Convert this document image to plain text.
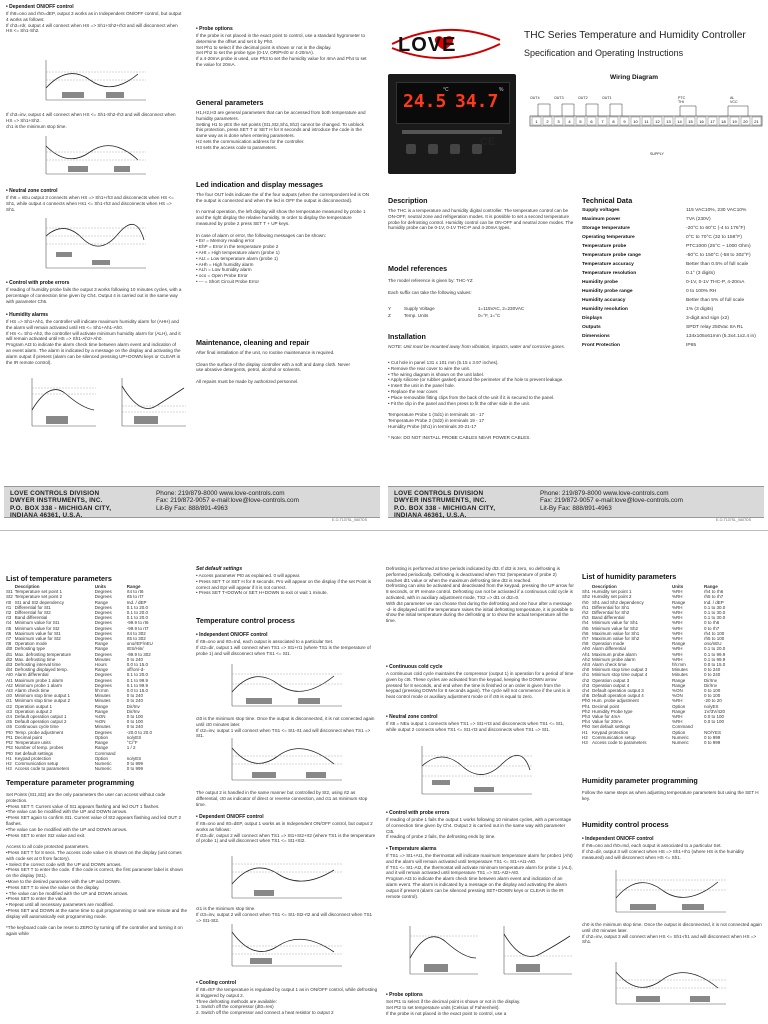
• Dependent ON/OFF control
If rh8=ono and rh0=dEP, output 3 works as in Independent ON/OFF control, but output 4 works as follows:
If ch3=rdr, output 4 will connect when HS => Sh1+Sh2+rh3 and will disconnect when HS <= Sh1-Sh2.
If ch3=inv, output 4 will connect when HS <= Sh1-Sh2-rh3 and will disconnect when HS => Sh1+Sh2.
ch1 is the minimum stop time.
• Neutral zone control
If rh8 = nEu output 3 connects when HS => Sh1+rh3 and disconnects when HS <= Sh1, while output 4 connects when Hs1 <= Sh1-rh3 and disconnects when HS => Sh1.
• Control with probe errors
If reading of humidity probe fails the output 3 works following 10 minutes cycles, with a percentage of connection time given by Ch4. Output 4 is carried out in the same way with parameter Ch5.
• Humidity alarms
If HS => Sh1+Ah1, the controller will indicate maximum humidity alarm for (AHH) and the alarm will remain activated until HS <= Sh1+Ah1-Ah0.
If HS <= Sh1-Ah2, the controller will activate minimum humidity alarm for (ALH), and it will remain activated until HS => Sh1-Ah2+Ah0.
Program At3 to indicate the alarm check time between alarm event and indication of an event alarm. The alarm is indicated by a message on the display and activating the alarm output if present (alarm can be silenced pressing UP+DOWN keys or CLEAR in the IR remote control).
• Probe options
If the probe is not placed in the exact point to control, use a standard hygrometer to determine the offset and set it by Ph0.
Set Ph1 to select if the decimal point is shown or not in the display.
Set Ph2 to set the probe type (0-1V, OR/PH/0 or 4-20mA).
If a 4-20mA probe is used, use Ph3 to set the humidity value for 4mA and Ph4 to set the value for 20mA.
General parameters
H1,H2,H3 are general parameters that can be accessed from both temperature and humidity parameters.
Setting H1 to yES the set points (St1,St2,Sh1,Sh2) cannot be changed. To unblock this protection, press SET T or SET H for 8 seconds and introduce the code in the same way as is done when entering parameters.
H2 sets the communication address for the controller.
H3 sets the access code to parameters.
Led indication and display messages
The four OUT leds indicate the of the four outputs (when the correspondent led is ON the output is connected and when the led is OFF the output is disconnected).

In normal operation, the left display will show the temperature measured by probe 1 and the right display the relative humidity. In order to display the temperature measured by probe 2 press SET T + UP keys.

In case of alarm or error, the following messages can be shown:
• Err = Memory reading error
• EhP = Error in the temperature probe 2
• AHt = High temperature alarm (probe 1)
• ALt = Low temperature alarm (probe 1)
• AHh = High humidity alarm
• ALh = Low humidity alarm
• oco = Open Probe Error
• --- = Short Circuit Probe Error
Maintenance, cleaning and repair
After final installation of the unit, no routine maintenance is required.

Clean the surface of the display controller with a soft and damp cloth. Never
use abrasive detergents, petrol, alcohol or solvents.

All repairs must be made by authorized personnel.
LOVE	THC Series Temperature and Humidity Controller
Specification and Operating Instructions
24.5 34.7
°C	%
CE
Wiring Diagram
1 2 3 4 5 6 7 8 9 10 11 12 13 14 15 16 17 18 19 20 21
OUT4	OUT3	OUT2	OUT1	PTC THI
AL VCC
SUPPLY
Description
The THC is a temperature and humidity digital controller. The temperature control can be ON-OFF, neutral zone and refrigeration modes. It is possible to set a second temperature probe for defrosting control. Humidity control can be ON-OFF and neutral zone modes. The humidity probe can be 0-1V, 0-1V THC-P and 4-20mA types.
Model references
The model reference is given by: THC-YZ

Each suffix can take the following values:
Y	Supply Voltage	1=115VAC, 2=230VAC
Z	Temp. Units	0=°F, 1=°C
Installation
NOTE: Unit must be mounted away from vibration, impacts, water and corrosive gases.
• Cut hole in panel 131 x 101 mm (5.15 x 3.97 inches).
• Remove the rear cover to wire the unit.
• The wiring diagram is shown on the unit label.
• Apply silicone (or rubber gasket) around the perimeter of the hole to prevent leakage.
• Insert the unit in the panel hole.
• Replace the rear cover.
• Place removable fitting clips from the back of the unit if it is secured to the panel.
• Fit the clip in the panel and then press to fit the other side in the unit.

Temperature Probe 1 (Sd1) in terminals 16 - 17
Temperature Probe 2 (Sd2) in terminals 19 - 17
Humidity Probe (Sh1) in terminals 20-21-17

* Note: DO NOT INSTALL PROBE CABLES NEAR POWER CABLES.
Technical Data
Supply voltages	115 VAC10%, 230 VAC10%
Maximum power	7VA (230V)
Storage temperature	-20°C to 60°C (-4 to 176°F)
Operating temperature	0°C to 70°C (32 to 158°F)
Temperature probe	PTC1000 (25°C ~ 1000 Ohm)
Temperature probe range	-50°C to 150°C (-58 to 302°F)
Temperature accuracy	Better than 0.5% of full scale
Temperature resolution	0.1° (3 digits)
Humidity probe	0-1V, 0-1V THC-P, 4-20mA
Humidity probe range	0 to 100% RH
Humidity accuracy	Better than 5% of full scale
Humidity resolution	1% (3 digits)
Displays	3-digit and sign (x2)
Outputs	SPDT relay 250Vac 8A RL
Dimensions	134x105x61mm (5.3x4.1x2.4 in)
Front Protection	IP65
LOVE CONTROLS DIVISION
DWYER INSTRUMENTS, INC.
P.O. BOX 338 - MICHIGAN CITY,
INDIANA 46361, U.S.A.
Phone: 219/879-8000 www.love-controls.com
Fax: 219/872-9057 e-mail:love@love-controls.com
Lit-By Fax: 888/891-4963
LOVE CONTROLS DIVISION
DWYER INSTRUMENTS, INC.
P.O. BOX 338 - MICHIGAN CITY,
INDIANA 46361, U.S.A.
Phone: 219/879-8000 www.love-controls.com
Fax: 219/872-9057 e-mail:love@love-controls.com
Lit-By Fax: 888/891-4963
E-O-T107SL_0607DS	E-O-T107SL_0607DS
List of temperature parameters
	Description	Units	Range
St1	Temperature set point 1	Degrees	rt4 to rt6
St2	Temperature set point 2	Degrees	rt5 to rt7
rt0	St1 and St2 dependency	Range	Ind. / dEP
rt1	Differential for St1	Degrees	0.1 to 20.0
rt2	Differential for St2	Degrees	0.1 to 20.0
rt3	Band differential	Degrees	0.1 to 20.0
rt4	Minimum value for St1	Degrees	-99.9 to rt6
rt5	Minimum value for St2	Degrees	-99.9 to rt7
rt6	Maximum value for St1	Degrees	rt4 to 302
rt7	Maximum value for St2	Degrees	rt5 to 302
rt8	Operation mode	Range	ono/rEF/nEU
dt0	Defrosting type	Range	rES/Hin/
dt1	Max. defrosting temperature	Degrees	-99.9 to 302
dt2	Max. defrosting time	Minutes	0 to 240
dt3	Defrosting interval time	Hours	0.0 to 15.0
dt4	Defrosting displayed temp.	Range	off/on/-d-
At0	Alarm differential	Degrees	0.1 to 20.0
At1	Maximum probe 1 alarm	Degrees	0.1 to 99.9
At2	Minimum probe 1 alarm	Degrees	0.1 to 99.9
At3	Alarm check time	hh:mm	0.0 to 15.0
ct0	Minimum stop time output 1	Minutes	0 to 240
ct1	Minimum stop time output 2	Minutes	0 to 240
ct2	Operation output 1	Range	Dir/Inv
ct3	Operation output 2	Range	Dir/Inv
ct4	Default operation output 1	%ON	0 to 100
ct5	Default operation output 2	%ON	0 to 100
ct6	Continuous cycle time	Minutes	0 to 240
Pt0	Temp. probe adjustment	Degrees	-20.0 to 20.0
Pt1	Decimal point	Option	no/yES
Pt2	Temperature units	Range	°C/°F
Pt3	Number of temp. probes	Range	1 / 2
Pt0	Set default settings	Command	
H1	Keypad protection	Option	no/yES
H2	Communication setup	Numeric	0 to 999
H3	Access code to parameters	Numeric	0 to 999
Temperature parameter programming
Set Points (St1,St2) are the only parameters the user can access without code protection.
•Press SET T. Current value of St1 appears flashing and led OUT 1 flashes.
•The value can be modified with the UP and DOWN arrows.
•Press SET again to confirm St1. Current value of St2 appears flashing and led OUT 2 flashes.
•The value can be modified with the UP and DOWN arrows.
•Press SET to enter St2 value and exit.

Access to all code protected parameters.
•Press SET T for 8 secs. The access code value 0 is shown on the display (unit comes with code set at 0 from factory).
• Select the correct code with the UP and DOWN arrows.
•Press SET T to enter the code. If the code is correct, the first parameter label is shown on the display (St1).
•Move to the desired parameter with the UP and DOWN.
•Press SET T to view the value on the display.
• The value can be modified with the UP and DOWN arrows.
•Press SET to enter the value.
• Repeat until all necessary parameters are modified.
•Press SET and DOWN at the same time to quit programming or wait one minute and the display will automatically exit programming mode.

*The keyboard code can be reset to ZERO by turning off the controller and turning it on again while
Set default settings
• Access parameter Pt0 as explained. 0 will appear.
• Press SET T or SET H for 8 seconds. Pro will appear on the display if the set Point is correct and Epr will appear if it is not correct.
• Press SET T+DOWN or SET H+DOWN to exit or wait 1 minute.
Temperature control process
• Independent ON/OFF control
If rt8=ono and rt0=Ind, each output is associated to a particular Set.
If ct2=dir, output 1 will connect when TS1 => St1+rt1 (where TS1 is the temperature of probe 1) and will disconnect when TS1 <= St1.
ct0 is the minimum stop time. Once the output is disconnected, it is not connected again until ct0 minutes later.
If ct2=inv, output 1 will connect when TS1 <= St1-rt1 and will disconnect when TS1 => St1.
The output 2 is handled in the same manner but controlled by St2, using rt2 as differential, ct0 as indicator of direct or reverse connection, and ct1 as minimum stop time.
• Dependent ON/OFF control
If rt8=ono and rt0=dEP, output 1 works as in Independent ON/OFF control, but output 2 works as follows:
If ct3=dir, output 2 will connect when TS1 => St1+St2+rt2 (where TS1 is the temperature of probe 1) and will disconnect when TS1 <= St1+St2.
ct1 is the minimum stop time.
If ct3=inv, output 2 will connect when TS1 <= St1-St2-rt2 and will disconnect when TS1 => St1-St2.
• Cooling control
If rt8=rEF the temperature is regulated by output 1 as in ON/OFF control, while defrosting is triggered by output 2.
Three defrosting methods are available:
1. Switch off the compressor (dt0=res)
2. Switch off the compressor and connect a heat resistor to output 2
Defrosting is performed at time periods indicated by dt3. If dt3 is zero, no defrosting is performed periodically. Defrosting is deactivated when TS2 (temperature of probe 2) reaches dt1 value or when the maximum defrosting time dt2 is reached.
Defrosting can also be activated and deactivated from the keypad, pressing the UP arrow for 8 seconds, or IR remote control. Defrosting can not be activated if a continuous cold cycle is activated, with in auxiliary adjustment mode, TS2 => dt1 or dt2=0.
With dt4 parameter we can choose that during the defrosting and one hour after a message -d- is displayed until the temperature raises the initial defrosting temperature, it is possible to show the initial temperature during the defrosting or to show the actual temperature all the time.
• Continuous cold cycle
A continuous cold cycle maintains the compressor (output 1) in operation for a period of time given by ct6. These cycles are activated from the keypad, keeping the DOWN arrow pressed for 8 seconds, and end when the time is finished or an order is given from the keypad (pressing DOWN for 8 seconds again). The cycle will not commence if the unit is in heat control mode or auxiliary adjustment mode or if ct6 is equal to zero.
• Neutral zone control
If rt8 = NEu output 1 connects when TS1 => St1+rt3 and disconnects when TS1 <= St1, while output 2 connects when TS1 <= St1-rt3 and disconnects when TS1 => St1.
• Control with probe errors
If reading of probe 1 fails the output 1 works following 10 minutes cycles, with a percentage of connection time given by Ch4. Output 2 is carried out in the same way with parameter Ct5.
If reading of probe 2 fails, the defrosting ends by time.
• Temperature alarms
If TS1 => St1+At1, the thermostat will indicate maximum temperature alarm for probe1 (Aht) and the alarm will remain activated until temperature TS1 <= St1+At1-At0.
If TS1 <= St1-At2, the thermostat will activate minimum temperature alarm for probe 1 (ALt), and it will remain activated until temperature TS1 => St1-At2+At0.
Program At3 to indicate the alarm check time between alarm event and indication of an alarm event. The alarm is indicated by a message on the display and activating the alarm output if present (alarm can be silenced pressing SET+DOWN keys or CLEAR in the IR remote control).
• Probe options
Set Pt1 to select if the decimal point is shown or not in the display.
Set Pt2 to set temperature units (Celsius of Fahrenheit).
If the probe is not placed in the exact point to control, use a
List of humidity parameters
	Description	Units	Range
Sh1	Humidity set point 1	%RH	rh4 to rh6
Sh2	Humidity set point 2	%RH	rh5 to rh7
rh0	Sh1 and Sh2 dependency	Range	Ind. / dEP
rh1	Differential for Sh1	%RH	0.1 to 30.0
rh2	Differential for Sh2	%RH	0.1 to 30.0
rh3	Band differential	%RH	0.1 to 30.0
rh4	Minimum value for Sh1	%RH	0 to rh6
rh5	Minimum value for Sh2	%RH	0 to rh7
rh6	Maximum value for Sh1	%RH	rh4 to 100
rh7	Maximum value for Sh2	%RH	rh5 to 100
rh8	Operation mode	Range	ono/nEU
Ah0	Alarm differential	%RH	0.1 to 20.0
Ah1	Maximum probe alarm	%RH	0.1 to 99.9
Ah2	Minimum probe alarm	%RH	0.1 to 99.9
Ah3	Alarm check time	hh:mm	0.0 to 15.0
ch0	Minimum stop time output 3	Minutes	0 to 240
ch1	Minimum stop time output 4	Minutes	0 to 240
ch2	Operation output 3	Range	Dir/Inv
ch3	Operation output 4	Range	Dir/Inv
ch4	Default operation output 3	%ON	0 to 100
ch5	Default operation output 4	%ON	0 to 100
Ph0	Hum. probe adjustment	%RH	-20 to 20
Ph1	Decimal point	Option	no/yES
Ph2	Humidity Probe type	Range	1V/3V/420
Ph3	Value for 4mA	%RH	0.0 to 100
Ph4	Value for 20mA	%RH	0.0 to 100
Ph0	Set default settings	Command	
H1	Keypad protection	Option	NO/YES
H2	Communication setup	Numeric	0 to 999
H3	Access code to parameters	Numeric	0 to 999
Humidity parameter programming
Follow the same steps as when adjusting temperature parameters but using the SET H key.
Humidity control process
• Independent ON/OFF control
If rh8=ono and rh0=Ind, each output is associated to a particular Set.
If ch2=dir, output 3 will connect when HS => Sh1+rh1 (where HS is the humidity measured) and will disconnect when HS <= Sh1.
ch0 is the minimum stop time. Once the output is disconnected, it is not connected again until ch0 minutes later.
If ch2=inv, output 3 will connect when HS <= Sh1-rh1 and will disconnect when HS => Sh1.
